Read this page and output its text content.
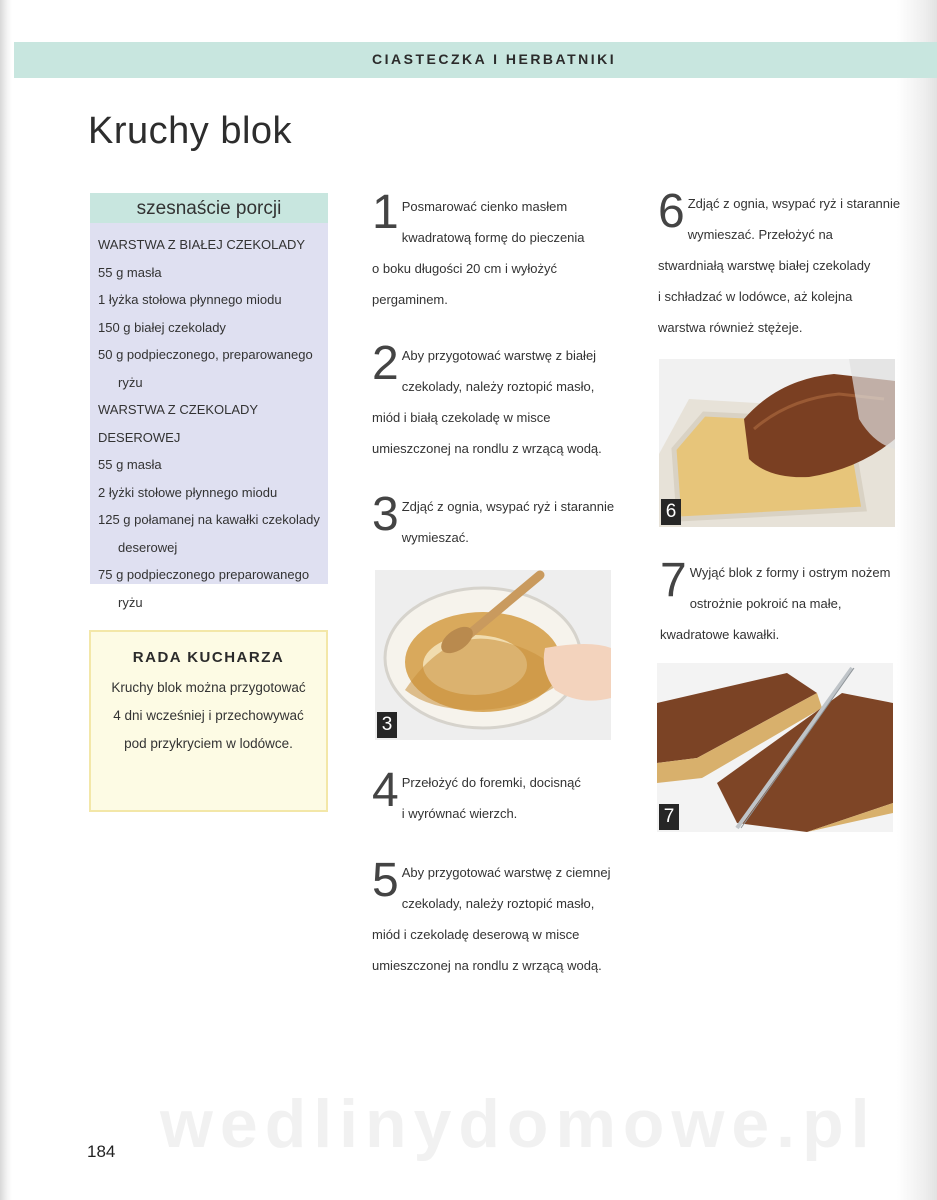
CIASTECZKA I HERBATNIKI
Kruchy blok
szesnaście porcji
WARSTWA Z BIAŁEJ CZEKOLADY
55 g masła
1 łyżka stołowa płynnego miodu
150 g białej czekolady
50 g podpieczonego, preparowanego
ryżu
WARSTWA Z CZEKOLADY DESEROWEJ
55 g masła
2 łyżki stołowe płynnego miodu
125 g połamanej na kawałki czekolady
deserowej
75 g podpieczonego preparowanego
ryżu
RADA KUCHARZA
Kruchy blok można przygotować
4 dni wcześniej i przechowywać
pod przykryciem w lodówce.
1 Posmarować cienko masłem
kwadratową formę do pieczenia
o boku długości 20 cm i wyłożyć
pergaminem.
2 Aby przygotować warstwę z białej
czekolady, należy roztopić masło,
miód i białą czekoladę w misce
umieszczonej na rondlu z wrzącą wodą.
3 Zdjąć z ognia, wsypać ryż i starannie
wymieszać.
3
4 Przełożyć do foremki, docisnąć
i wyrównać wierzch.
5 Aby przygotować warstwę z ciemnej
czekolady, należy roztopić masło,
miód i czekoladę deserową w misce
umieszczonej na rondlu z wrzącą wodą.
6 Zdjąć z ognia, wsypać ryż i starannie
wymieszać. Przełożyć na
stwardniałą warstwę białej czekolady
i schładzać w lodówce, aż kolejna
warstwa również stężeje.
6
7 Wyjąć blok z formy i ostrym nożem
ostrożnie pokroić na małe,
kwadratowe kawałki.
7
wedlinydomowe.pl
184
